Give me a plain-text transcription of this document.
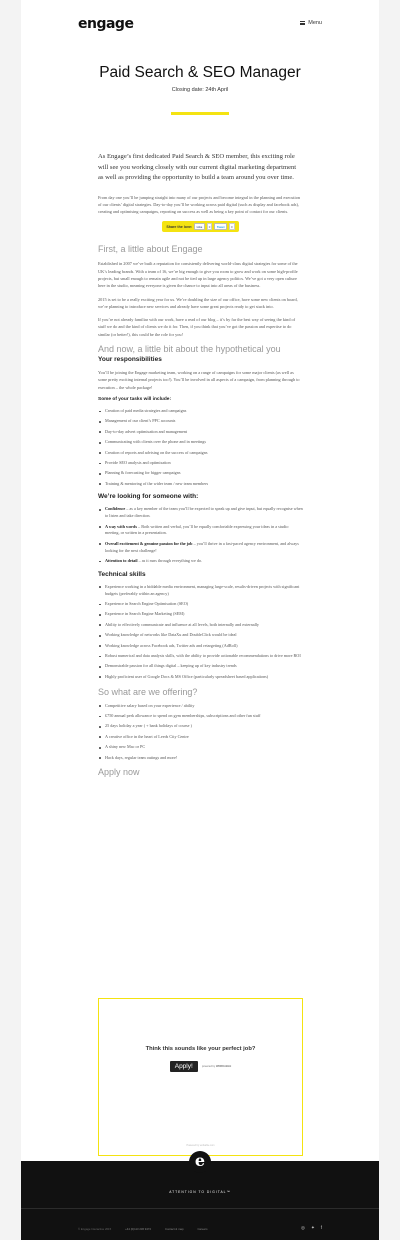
engage	Menu
Paid Search & SEO Manager
Closing date: 24th April

As Engage’s first dedicated Paid Search & SEO member, this exciting role will see you working closely with our current digital marketing department as well as providing the opportunity to build a team around you over time.

From day one you’ll be jumping straight into many of our projects and become integral in the planning and execution of our clients’ digital strategies. Day-to-day you’ll be working across paid digital (such as display and facebook ads), creating and optimising campaigns, reporting on success as well as being a key point of contact for our clients.

Share the love:	Like	0	Tweet	0
First, a little about Engage

Established in 2007 we’ve built a reputation for consistently delivering world-class digital strategies for some of the UK’s leading brands. With a team of 16, we’re big enough to give you room to grow and work on some high-profile projects, but small enough to remain agile and not be tied up in large agency politics. We’ve got a very open culture here in the studio, meaning everyone is given the chance to input into all areas of the business.

2015 is set to be a really exciting year for us. We’re doubling the size of our office, have some new clients on board, we’re planning to introduce new services and already have some great projects ready to get stuck into.

If you’re not already familiar with our work, have a read of our blog – it’s by far the best way of seeing the kind of stuff we do and the kind of clients we do it for. Then, if you think that you’ve got the passion and expertise to do similar (or better!), this could be the role for you!

And now, a little bit about the hypothetical you
Your responsibilities

You’ll be joining the Engage marketing team, working on a range of campaigns for some major clients (as well as some pretty exciting internal projects too!). You’ll be involved in all aspects of a campaign, from planning through to execution – the whole package!

Some of your tasks will include:
Creation of paid media strategies and campaigns
Management of our client’s PPC accounts
Day-to-day advert optimisation and management
Communicating with clients over the phone and in meetings
Creation of reports and advising on the success of campaigns
Provide SEO analysis and optimisation
Planning & forecasting for bigger campaigns
Training & mentoring of the wider team / new team members
We’re looking for someone with:
Confidence – as a key member of the team you’ll be expected to speak up and give input, but equally recognise when to listen and take direction.
A way with words – Both written and verbal, you’ll be equally comfortable expressing your ideas in a studio meeting, or written in a presentation.
Overall excitement & genuine passion for the job – you’ll thrive in a fast-paced agency environment, and always looking for the next challenge!
Attention to detail – as it runs through everything we do.
Technical skills
Experience working in a biddable media environment, managing large-scale, results-driven projects with significant budgets (preferably within an agency)
Experience in Search Engine Optimisation (SEO)
Experience in Search Engine Marketing (SEM)
Ability to effectively communicate and influence at all levels, both internally and externally
Working knowledge of networks like DataXu and DoubleClick would be ideal
Working knowledge across Facebook ads, Twitter ads and retargeting (AdRoll)
Robust numerical and data analysis skills, with the ability to provide actionable recommendations to drive more ROI
Demonstrable passion for all things digital – keeping up of key industry trends
Highly proficient user of Google Docs & MS Office (particularly spreadsheet based applications)
So what are we offering?
Competitive salary based on your experience / ability
£750 annual perk allowance to spend on gym memberships, subscriptions and other fun stuff
25 days holiday a year ( + bank holidays of course )
A creative office in the heart of Leeds City Centre
A shiny new Mac or PC
Hack days, regular team outings and more!
Apply now
Think this sounds like your perfect job?
Apply!	powered by WORKABLE
Powered by workable.com
e
ATTENTION TO DIGITAL™
© Engage Interactive 2015	+44 (0)113 236 9472	Contact & map	Careers	◎ ✦ f
